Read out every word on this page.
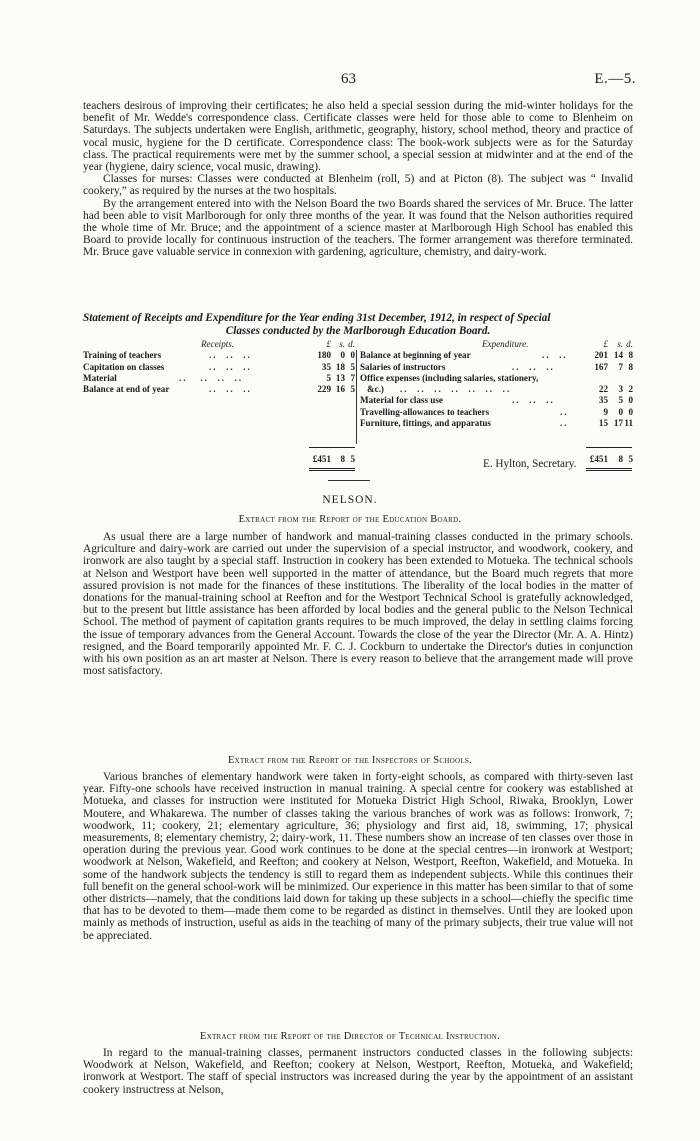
63	E.—5.

teachers desirous of improving their certificates; he also held a special session during the mid-winter holidays for the benefit of Mr. Wedde's correspondence class. Certificate classes were held for those able to come to Blenheim on Saturdays. The subjects undertaken were English, arithmetic, geography, history, school method, theory and practice of vocal music, hygiene for the D certificate. Correspondence class: The book-work subjects were as for the Saturday class. The practical requirements were met by the summer school, a special session at midwinter and at the end of the year (hygiene, dairy science, vocal music, drawing).

Classes for nurses: Classes were conducted at Blenheim (roll, 5) and at Picton (8). The subject was “ Invalid cookery,” as required by the nurses at the two hospitals.

By the arrangement entered into with the Nelson Board the two Boards shared the services of Mr. Bruce. The latter had been able to visit Marlborough for only three months of the year. It was found that the Nelson authorities required the whole time of Mr. Bruce; and the appointment of a science master at Marlborough High School has enabled this Board to provide locally for continuous instruction of the teachers. The former arrangement was therefore terminated. Mr. Bruce gave valuable service in connexion with gardening, agriculture, chemistry, and dairy-work.

Statement of Receipts and Expenditure for the Year ending 31st December, 1912, in respect of Special
Classes conducted by the Marlborough Education Board.
Receipts.	£ s. d.
Training of teachers	..  ..  ..	180	0 0
Capitation on classes	..  ..  ..	35 18 5
Material	..   ..  ..  ..	5 13 7
Balance at end of year	..  ..  ..	229 16 5
£451	8 5
Expenditure.	£	s. d.
Balance at beginning of year	..  ..	201 14 8
Salaries of instructors	..  ..  ..	167	7 8
Office expenses (including salaries, stationery,
&c.) ..  ..  ..  ..  ..  ..  ..	22	3 2
Material for class use	..  ..  ..	35	5 0
Travelling-allowances to teachers	..	9	0 0
Furniture, fittings, and apparatus	..	15 17 11
£451	8 5
E. Hylton, Secretary.
NELSON.
Extract from the Report of the Education Board.

As usual there are a large number of handwork and manual-training classes conducted in the primary schools. Agriculture and dairy-work are carried out under the supervision of a special instructor, and woodwork, cookery, and ironwork are also taught by a special staff. Instruction in cookery has been extended to Motueka. The technical schools at Nelson and Westport have been well supported in the matter of attendance, but the Board much regrets that more assured provision is not made for the finances of these institutions. The liberality of the local bodies in the matter of donations for the manual-training school at Reefton and for the Westport Technical School is gratefully acknowledged, but to the present but little assistance has been afforded by local bodies and the general public to the Nelson Technical School. The method of payment of capitation grants requires to be much improved, the delay in settling claims forcing the issue of temporary advances from the General Account. Towards the close of the year the Director (Mr. A. A. Hintz) resigned, and the Board temporarily appointed Mr. F. C. J. Cockburn to undertake the Director's duties in conjunction with his own position as an art master at Nelson. There is every reason to believe that the arrangement made will prove most satisfactory.

Extract from the Report of the Inspectors of Schools.

Various branches of elementary handwork were taken in forty-eight schools, as compared with thirty-seven last year. Fifty-one schools have received instruction in manual training. A special centre for cookery was established at Motueka, and classes for instruction were instituted for Motueka District High School, Riwaka, Brooklyn, Lower Moutere, and Whakarewa. The number of classes taking the various branches of work was as follows: Ironwork, 7; woodwork, 11; cookery, 21; elementary agriculture, 36; physiology and first aid, 18, swimming, 17; physical measurements, 8; elementary chemistry, 2; dairy-work, 11. These numbers show an increase of ten classes over those in operation during the previous year. Good work continues to be done at the special centres—in ironwork at Westport; woodwork at Nelson, Wakefield, and Reefton; and cookery at Nelson, Westport, Reefton, Wakefield, and Motueka. In some of the handwork subjects the tendency is still to regard them as independent subjects. While this continues their full benefit on the general school-work will be minimized. Our experience in this matter has been similar to that of some other districts—namely, that the conditions laid down for taking up these subjects in a school—chiefly the specific time that has to be devoted to them—made them come to be regarded as distinct in themselves. Until they are looked upon mainly as methods of instruction, useful as aids in the teaching of many of the primary subjects, their true value will not be appreciated.

Extract from the Report of the Director of Technical Instruction.

In regard to the manual-training classes, permanent instructors conducted classes in the following subjects: Woodwork at Nelson, Wakefield, and Reefton; cookery at Nelson, Westport, Reefton, Motueka, and Wakefield; ironwork at Westport. The staff of special instructors was increased during the year by the appointment of an assistant cookery instructress at Nelson,
